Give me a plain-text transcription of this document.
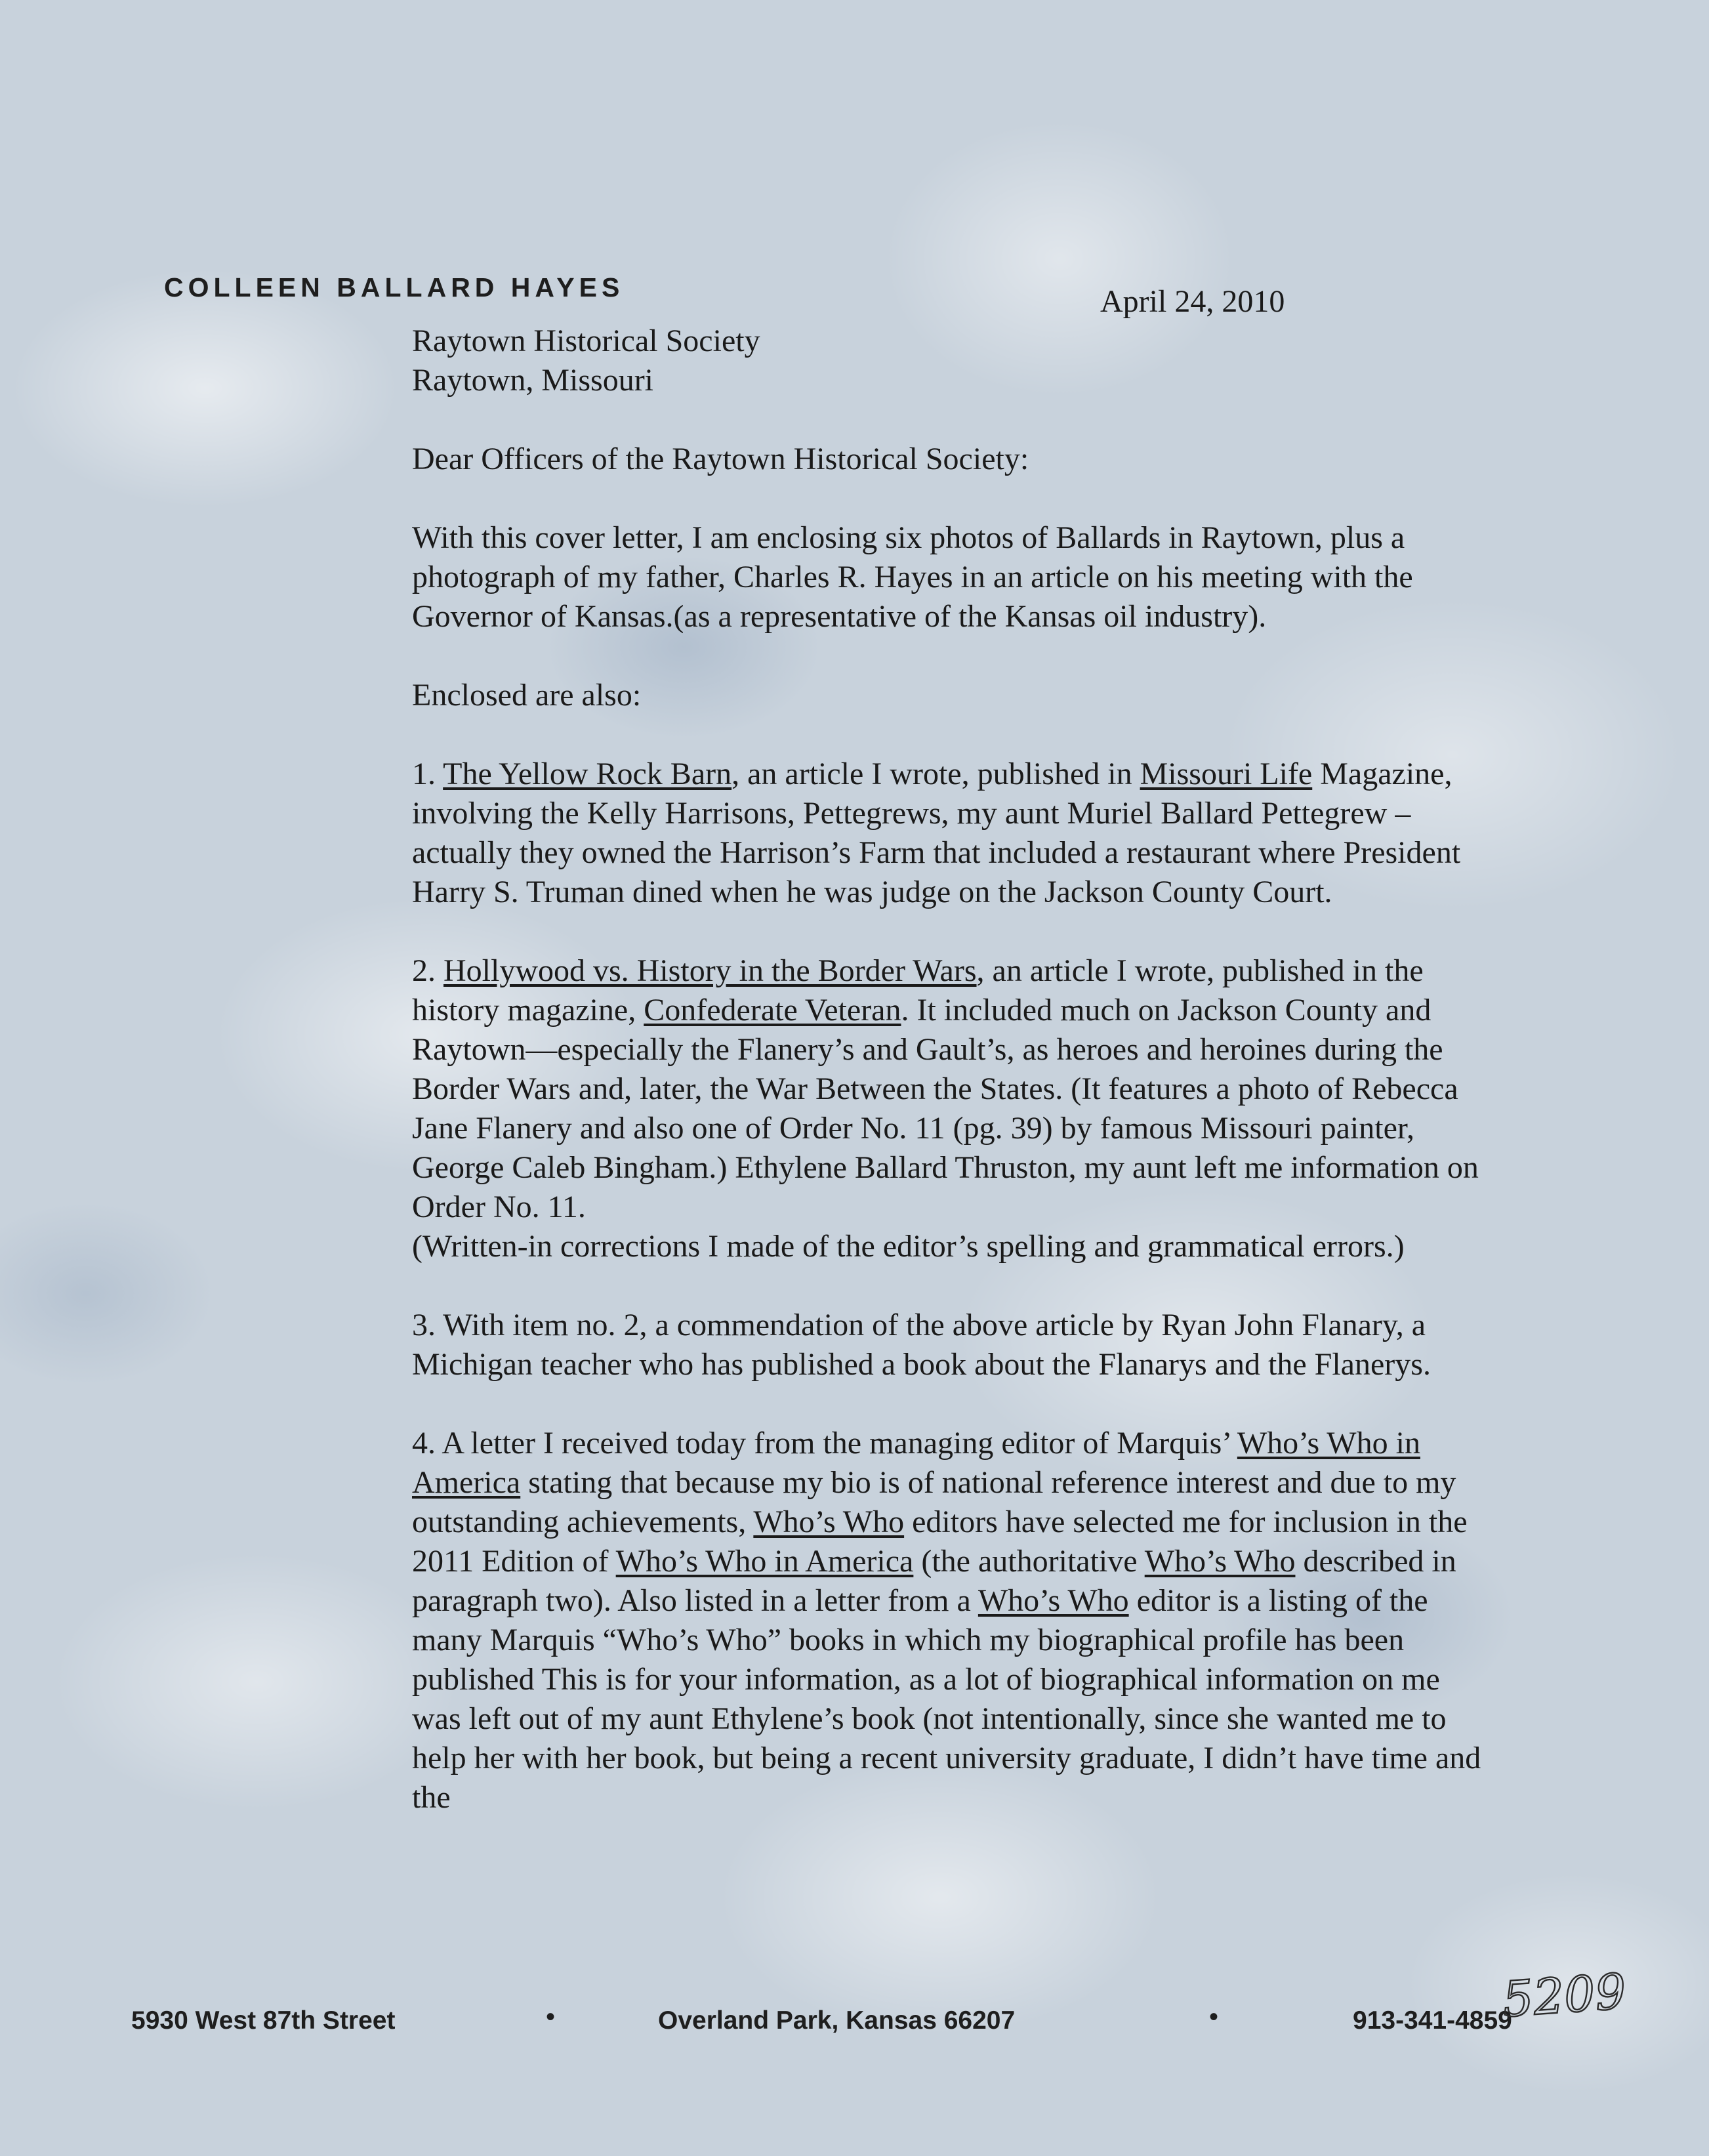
COLLEEN BALLARD HAYES	April 24, 2010

Raytown Historical Society
Raytown, Missouri

Dear Officers of the Raytown Historical Society:

With this cover letter, I am enclosing six photos of Ballards in Raytown, plus a photograph of my father, Charles R. Hayes in an article on his meeting with the Governor of Kansas.(as a representative of the Kansas oil industry).

Enclosed are also:

1. The Yellow Rock Barn, an article I wrote, published in Missouri Life Magazine, involving the Kelly Harrisons, Pettegrews, my aunt Muriel Ballard Pettegrew – actually they owned the Harrison’s Farm that included a restaurant where President Harry S. Truman dined when he was judge on the Jackson County Court.

2. Hollywood vs. History in the Border Wars, an article I wrote, published in the history magazine, Confederate Veteran. It included much on Jackson County and Raytown—especially the Flanery’s and Gault’s, as heroes and heroines during the Border Wars and, later, the War Between the States. (It features a photo of Rebecca Jane Flanery and also one of Order No. 11 (pg. 39) by famous Missouri painter, George Caleb Bingham.) Ethylene Ballard Thruston, my aunt left me information on Order No. 11.
(Written-in corrections I made of the editor’s spelling and grammatical errors.)

3. With item no. 2, a commendation of the above article by Ryan John Flanary, a Michigan teacher who has published a book about the Flanarys and the Flanerys.

4. A letter I received today from the managing editor of Marquis’ Who’s Who in America stating that because my bio is of national reference interest and due to my outstanding achievements, Who’s Who editors have selected me for inclusion in the 2011 Edition of Who’s Who in America (the authoritative Who’s Who described in paragraph two). Also listed in a letter from a Who’s Who editor is a listing of the many Marquis “Who’s Who” books in which my biographical profile has been published This is for your information, as a lot of biographical information on me was left out of my aunt Ethylene’s book (not intentionally, since she wanted me to help her with her book, but being a recent university graduate, I didn’t have time and the

5930 West 87th Street	•	Overland Park, Kansas 66207	•	913-341-4859
5209
